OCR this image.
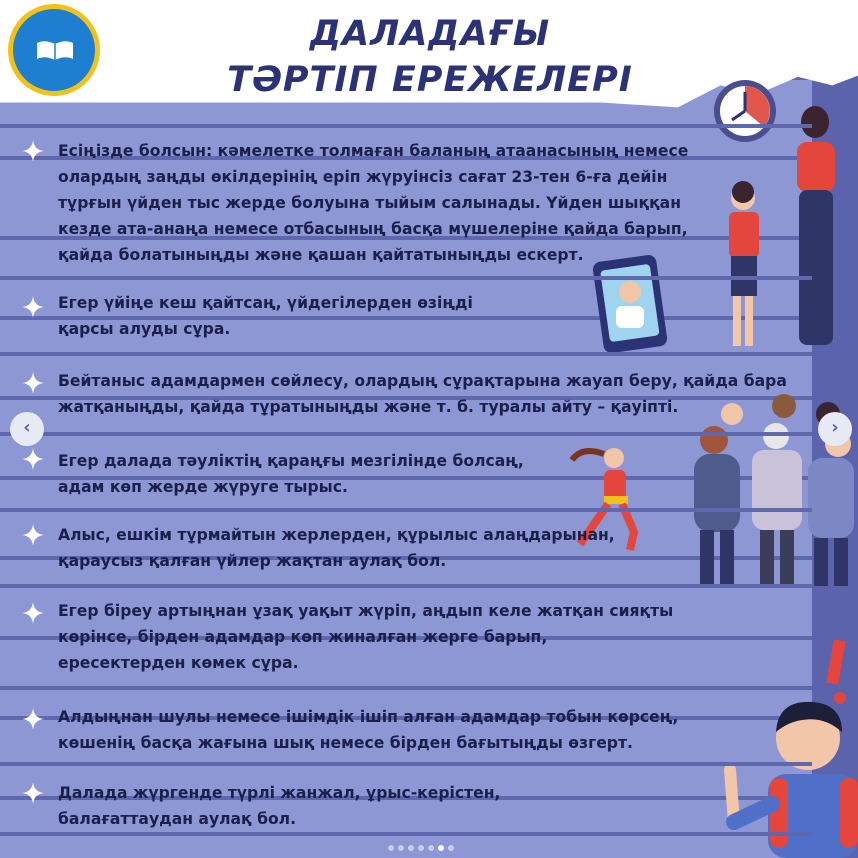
ДАЛАДАҒЫ
ТӘРТІП ЕРЕЖЕЛЕРІ
Есіңізде болсын: кәмелетке толмаған баланың атаанасының немесе олардың заңды өкілдерінің еріп жүруінсіз сағат 23-тен 6-ға дейін тұрғын үйден тыс жерде болуына тыйым салынады. Үйден шыққан кезде ата-анаңа немесе отбасының басқа мүшелеріне қайда барып, қайда болатыныңды және қашан қайтатыныңды ескерт.
Егер үйіңе кеш қайтсаң, үйдегілерден өзіңді қарсы алуды сұра.
Бейтаныс адамдармен сөйлесу, олардың сұрақтарына жауап беру, қайда бара жатқаныңды, қайда тұратыныңды және т. б. туралы айту – қауіпті.
Егер далада тәуліктің қараңғы мезгілінде болсаң, адам көп жерде жүруге тырыс.
Алыс, ешкім тұрмайтын жерлерден, құрылыс алаңдарынан, қараусыз қалған үйлер жақтан аулақ бол.
Егер біреу артыңнан ұзақ уақыт жүріп, аңдып келе жатқан сияқты көрінсе, бірден адамдар көп жиналған жерге барып, ересектерден көмек сұра.
Алдыңнан шулы немесе ішімдік ішіп алған адамдар тобын көрсең, көшенің басқа жағына шық немесе бірден бағытыңды өзгерт.
Далада жүргенде түрлі жанжал, ұрыс-керістен, балағаттаудан аулақ бол.
‹	›
